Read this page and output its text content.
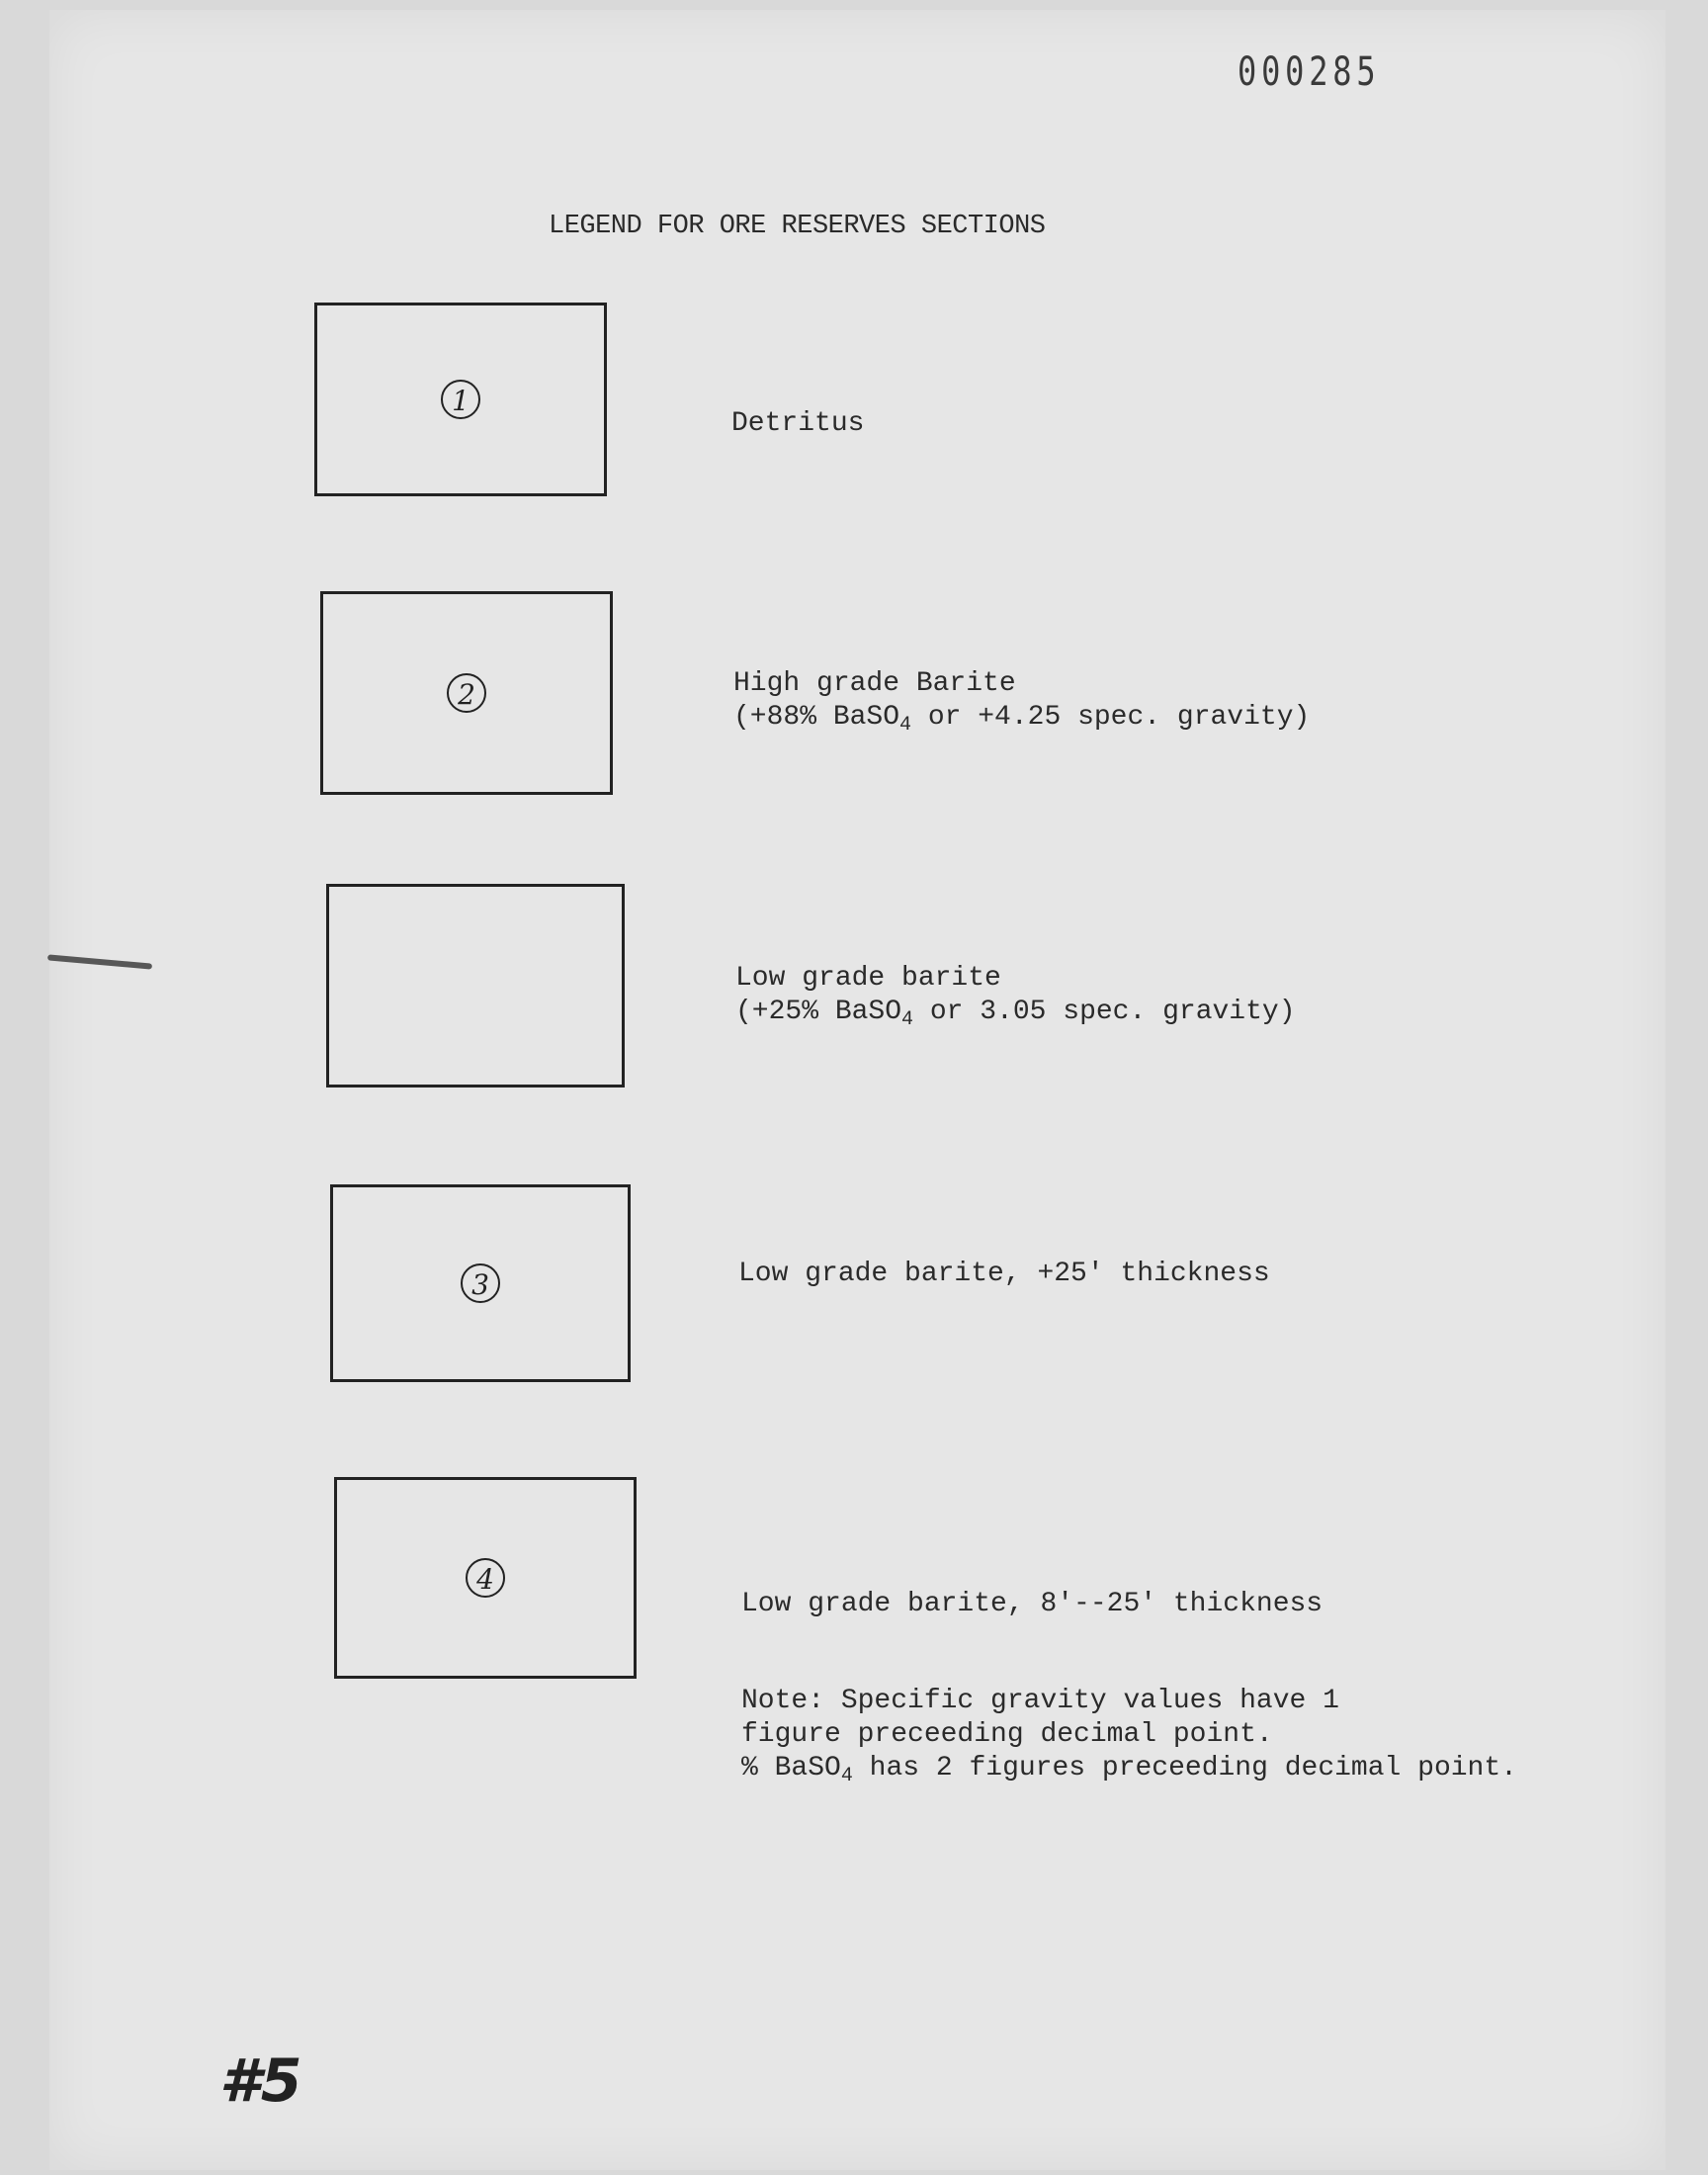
000285
LEGEND FOR ORE RESERVES SECTIONS
1
Detritus
2	High grade Barite
(+88% BaSO$_4$ or +4.25 spec. gravity)
Low grade barite
(+25% BaSO$_4$ or 3.05 spec. gravity)
3	Low grade barite, +25' thickness
4
Low grade barite, 8'--25' thickness
Note: Specific gravity values have 1
figure preceeding decimal point.
% BaSO$_4$ has 2 figures preceeding decimal point.
#5
